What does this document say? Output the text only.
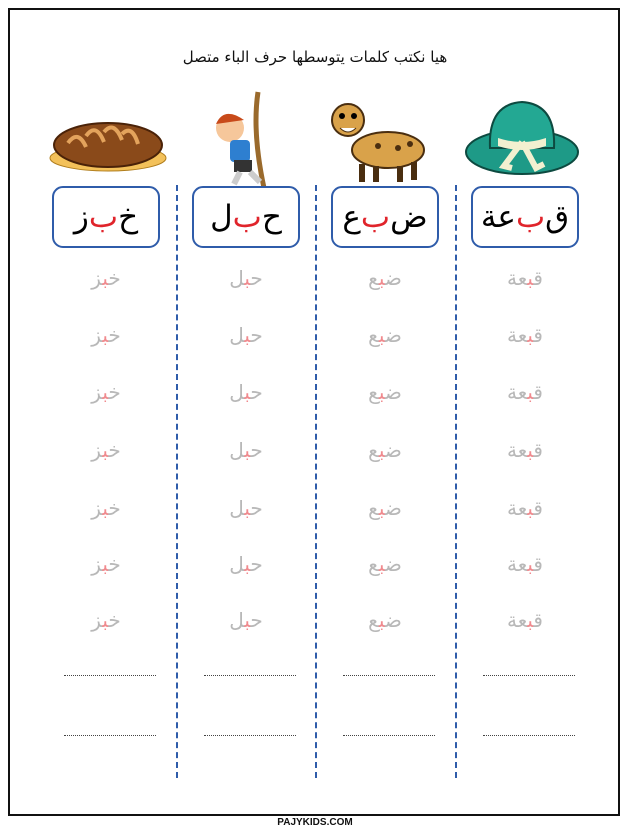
هيا نكتب كلمات يتوسطها حرف الباء متصل
خ
ب
ز
خبز
خبز
خبز
خبز
خبز
خبز
خبز
ح
ب
ل
حبل
حبل
حبل
حبل
حبل
حبل
حبل
ض
ب
ع
ضبع
ضبع
ضبع
ضبع
ضبع
ضبع
ضبع
ق
ب
عة
قبعة
قبعة
قبعة
قبعة
قبعة
قبعة
قبعة
PAJYKIDS.COM
